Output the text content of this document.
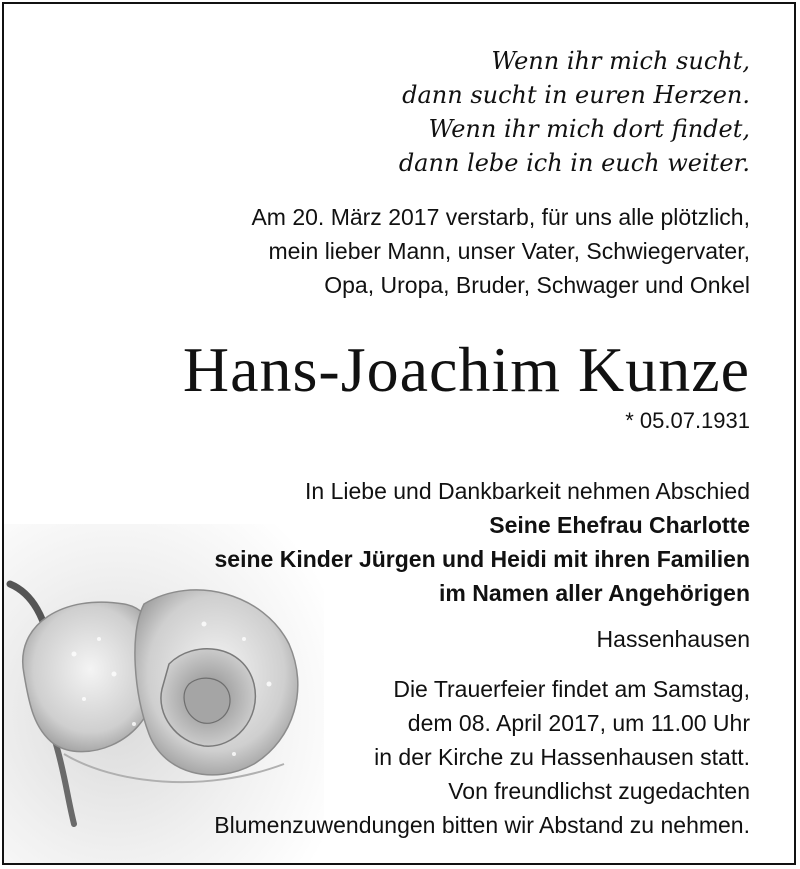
Wenn ihr mich sucht,
dann sucht in euren Herzen.
Wenn ihr mich dort findet,
dann lebe ich in euch weiter.
Am 20. März 2017 verstarb, für uns alle plötzlich,
mein lieber Mann, unser Vater, Schwiegervater,
Opa, Uropa, Bruder, Schwager und Onkel
Hans-Joachim Kunze
* 05.07.1931
In Liebe und Dankbarkeit nehmen Abschied
Seine Ehefrau Charlotte
seine Kinder Jürgen und Heidi mit ihren Familien
im Namen aller Angehörigen
Hassenhausen
Die Trauerfeier findet am Samstag,
dem 08. April 2017, um 11.00 Uhr
in der Kirche zu Hassenhausen statt.
Von freundlichst zugedachten
Blumenzuwendungen bitten wir Abstand zu nehmen.
